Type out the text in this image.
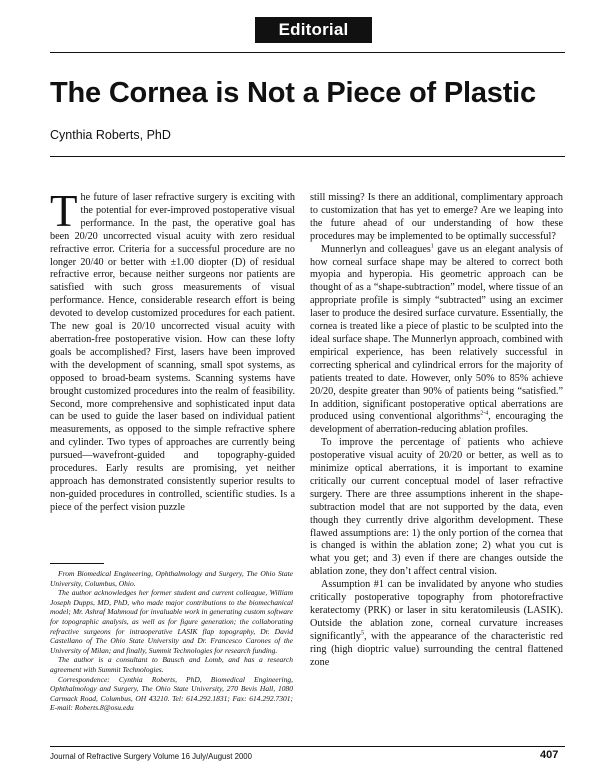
Editorial
The Cornea is Not a Piece of Plastic
Cynthia Roberts, PhD

The future of laser refractive surgery is exciting with the potential for ever-improved postoperative visual performance. In the past, the operative goal has been 20/20 uncorrected visual acuity with zero residual refractive error. Criteria for a successful procedure are no longer 20/40 or better with ±1.00 diopter (D) of residual refractive error, because neither surgeons nor patients are satisfied with such gross measurements of visual performance. Hence, considerable research effort is being devoted to develop customized procedures for each patient. The new goal is 20/10 uncorrected visual acuity with aberration-free postoperative vision. How can these lofty goals be accomplished? First, lasers have been improved with the development of scanning, small spot systems, as opposed to broad-beam systems. Scanning systems have brought customized procedures into the realm of feasibility. Second, more comprehensive and sophisticated input data can be used to guide the laser based on individual patient measurements, as opposed to the simple refractive sphere and cylinder. Two types of approaches are currently being pursued—wavefront-guided and topography-guided procedures. Early results are promising, yet neither approach has demonstrated consistently superior results to non-guided procedures in controlled, scientific studies. Is a piece of the perfect vision puzzle

From Biomedical Engineering, Ophthalmology and Surgery, The Ohio State University, Columbus, Ohio.

The author acknowledges her former student and current colleague, William Joseph Dupps, MD, PhD, who made major contributions to the biomechanical model; Mr. Ashraf Mahmoud for invaluable work in generating custom software for topographic analysis, as well as for figure generation; the collaborating refractive surgeons for intraoperative LASIK flap topography, Dr. David Castellano of The Ohio State University and Dr. Francesco Carones of the University of Milan; and finally, Summit Technologies for research funding.

The author is a consultant to Bausch and Lomb, and has a research agreement with Summit Technologies.

Correspondence: Cynthia Roberts, PhD, Biomedical Engineering, Ophthalmology and Surgery, The Ohio State University, 270 Bevis Hall, 1080 Carmack Road, Columbus, OH 43210. Tel: 614.292.1831; Fax: 614.292.7301; E-mail: Roberts.8@osu.edu

still missing? Is there an additional, complimentary approach to customization that has yet to emerge? Are we leaping into the future ahead of our understanding of how these procedures may be implemented to be optimally successful?

Munnerlyn and colleagues$^1$ gave us an elegant analysis of how corneal surface shape may be altered to correct both myopia and hyperopia. His geometric approach can be thought of as a “shape-subtraction” model, where tissue of an appropriate profile is simply “subtracted” using an excimer laser to produce the desired surface curvature. Essentially, the cornea is treated like a piece of plastic to be sculpted into the ideal surface shape. The Munnerlyn approach, combined with empirical experience, has been relatively successful in correcting spherical and cylindrical errors for the majority of patients treated to date. However, only 50% to 85% achieve 20/20, despite greater than 90% of patients being “satisfied.” In addition, significant postoperative optical aberrations are produced using conventional algorithms$^{2-4}$, encouraging the development of aberration-reducing ablation profiles.

To improve the percentage of patients who achieve postoperative visual acuity of 20/20 or better, as well as to minimize optical aberrations, it is important to examine critically our current conceptual model of laser refractive surgery. There are three assumptions inherent in the shape-subtraction model that are not supported by the data, even though they currently drive algorithm development. These flawed assumptions are: 1) the only portion of the cornea that is changed is within the ablation zone; 2) what you cut is what you get; and 3) even if there are changes outside the ablation zone, they don’t affect central vision.

Assumption #1 can be invalidated by anyone who studies critically postoperative topography from photorefractive keratectomy (PRK) or laser in situ keratomileusis (LASIK). Outside the ablation zone, corneal curvature increases significantly$^5$, with the appearance of the characteristic red ring (high dioptric value) surrounding the central flattened zone

Journal of Refractive Surgery Volume 16 July/August 2000	407
